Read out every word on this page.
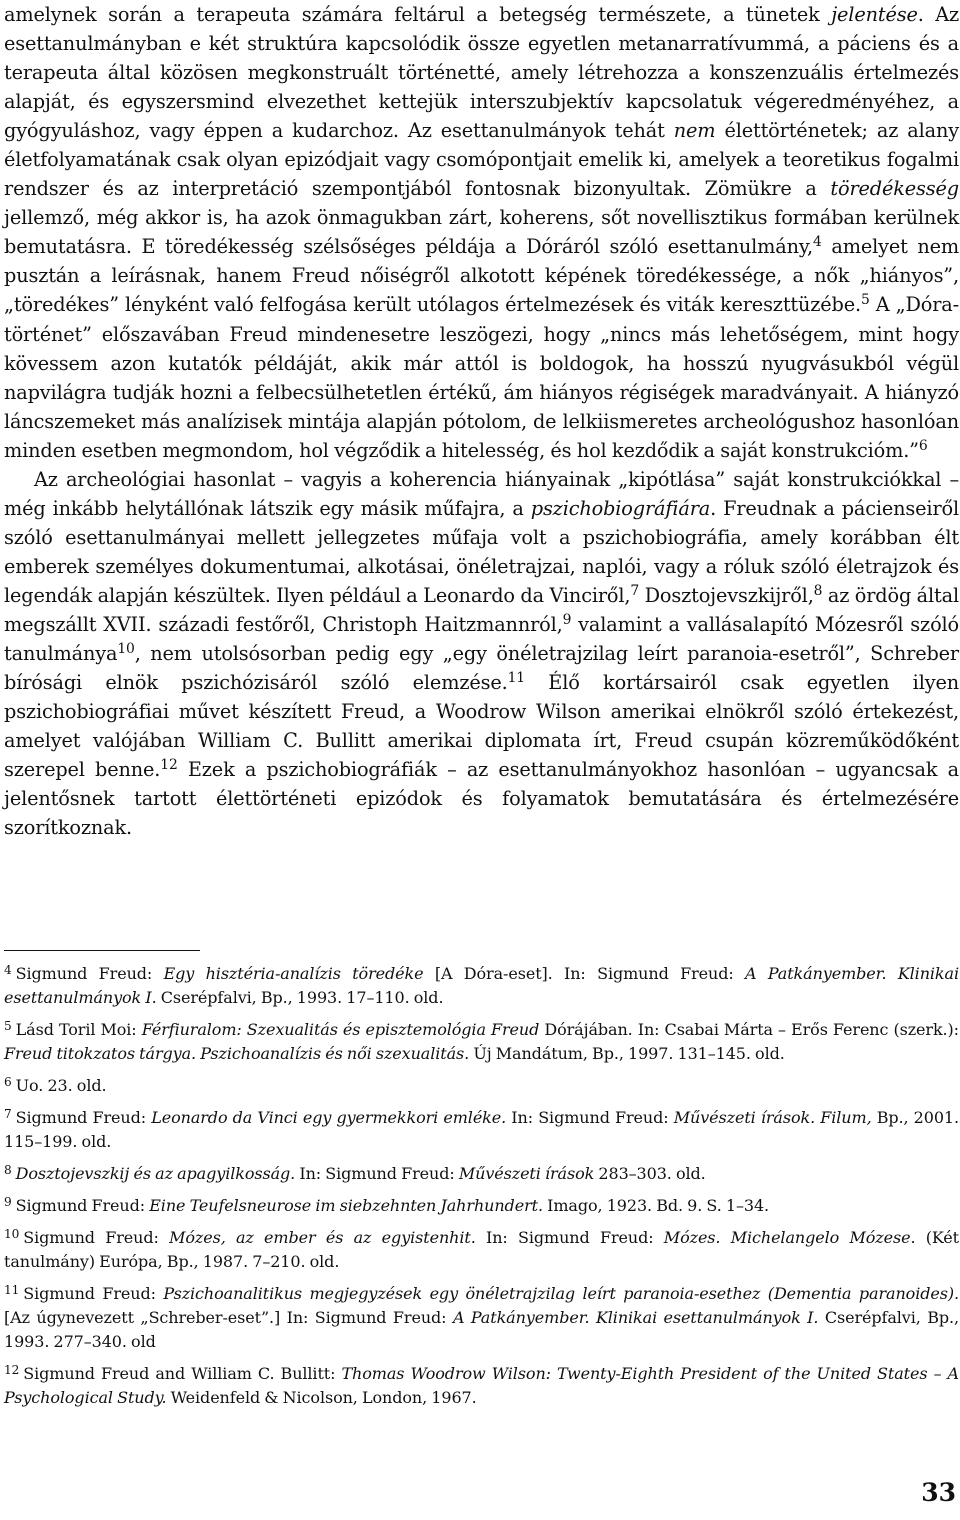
amelynek során a terapeuta számára feltárul a betegség természete, a tünetek jelentése. Az esettanulmányban e két struktúra kapcsolódik össze egyetlen metanarratívummá, a páciens és a terapeuta által közösen megkonstruált történetté, amely létrehozza a konszenzuális értelmezés alapját, és egyszersmind elvezethet kettejük interszubjektív kapcsolatuk végeredményéhez, a gyógyuláshoz, vagy éppen a kudarchoz. Az esettanulmányok tehát nem élettörténetek; az alany életfolyamatának csak olyan epizódjait vagy csomópontjait emelik ki, amelyek a teoretikus fogalmi rendszer és az interpretáció szempontjából fontosnak bizonyultak. Zömükre a töredékesség jellemző, még akkor is, ha azok önmagukban zárt, koherens, sőt novellisztikus formában kerülnek bemutatásra. E töredékesség szélsőséges példája a Dóráról szóló esettanulmány,$^4$ amelyet nem pusztán a leírásnak, hanem Freud nőiségről alkotott képének töredékessége, a nők „hiányos”, „töredékes” lényként való felfogása került utólagos értelmezések és viták kereszttüzébe.$^5$ A „Dóra-történet” előszavában Freud mindenesetre leszögezi, hogy „nincs más lehetőségem, mint hogy kövessem azon kutatók példáját, akik már attól is boldogok, ha hosszú nyugvásukból végül napvilágra tudják hozni a felbecsülhetetlen értékű, ám hiányos régiségek maradványait. A hiányzó láncszemeket más analízisek mintája alapján pótolom, de lelkiismeretes archeológushoz hasonlóan minden esetben megmondom, hol végződik a hitelesség, és hol kezdődik a saját konstrukcióm.”$^6$

Az archeológiai hasonlat – vagyis a koherencia hiányainak „kipótlása” saját konstrukciókkal – még inkább helytállónak látszik egy másik műfajra, a pszichobiográfiára. Freudnak a pácienseiről szóló esettanulmányai mellett jellegzetes műfaja volt a pszichobiográfia, amely korábban élt emberek személyes dokumentumai, alkotásai, önéletrajzai, naplói, vagy a róluk szóló életrajzok és legendák alapján készültek. Ilyen például a Leonardo da Vinciről,$^7$ Dosztojevszkijről,$^8$ az ördög által megszállt XVII. századi festőről, Christoph Haitzmannról,$^9$ valamint a vallásalapító Mózesről szóló tanulmánya$^{10}$, nem utolsósorban pedig egy „egy önéletrajzilag leírt paranoia-esetről”, Schreber bírósági elnök pszichózisáról szóló elemzése.$^{11}$ Élő kortársairól csak egyetlen ilyen pszichobiográfiai művet készített Freud, a Woodrow Wilson amerikai elnökről szóló értekezést, amelyet valójában William C. Bullitt amerikai diplomata írt, Freud csupán közreműködőként szerepel benne.$^{12}$ Ezek a pszichobiográfiák – az esettanulmányokhoz hasonlóan – ugyancsak a jelentősnek tartott élettörténeti epizódok és folyamatok bemutatására és értelmezésére szorítkoznak.

$^4$ Sigmund Freud: Egy hisztéria-analízis töredéke [A Dóra-eset]. In: Sigmund Freud: A Patkányember. Klinikai esettanulmányok I. Cserépfalvi, Bp., 1993. 17–110. old.

$^5$ Lásd Toril Moi: Férfiuralom: Szexualitás és episztemológia Freud Dórájában. In: Csabai Márta – Erős Ferenc (szerk.): Freud titokzatos tárgya. Pszichoanalízis és női szexualitás. Új Mandátum, Bp., 1997. 131–145. old.

$^6$ Uo. 23. old.

$^7$ Sigmund Freud: Leonardo da Vinci egy gyermekkori emléke. In: Sigmund Freud: Művészeti írások. Filum, Bp., 2001. 115–199. old.

$^8$ Dosztojevszkij és az apagyilkosság. In: Sigmund Freud: Művészeti írások 283–303. old.

$^9$ Sigmund Freud: Eine Teufelsneurose im siebzehnten Jahrhundert. Imago, 1923. Bd. 9. S. 1–34.

$^{10}$ Sigmund Freud: Mózes, az ember és az egyistenhit. In: Sigmund Freud: Mózes. Michelangelo Mózese. (Két tanulmány) Európa, Bp., 1987. 7–210. old.

$^{11}$ Sigmund Freud: Pszichoanalitikus megjegyzések egy önéletrajzilag leírt paranoia-esethez (Dementia paranoides). [Az úgynevezett „Schreber-eset”.] In: Sigmund Freud: A Patkányember. Klinikai esettanulmányok I. Cserépfalvi, Bp., 1993. 277–340. old

$^{12}$ Sigmund Freud and William C. Bullitt: Thomas Woodrow Wilson: Twenty-Eighth President of the United States – A Psychological Study. Weidenfeld & Nicolson, London, 1967.

33
